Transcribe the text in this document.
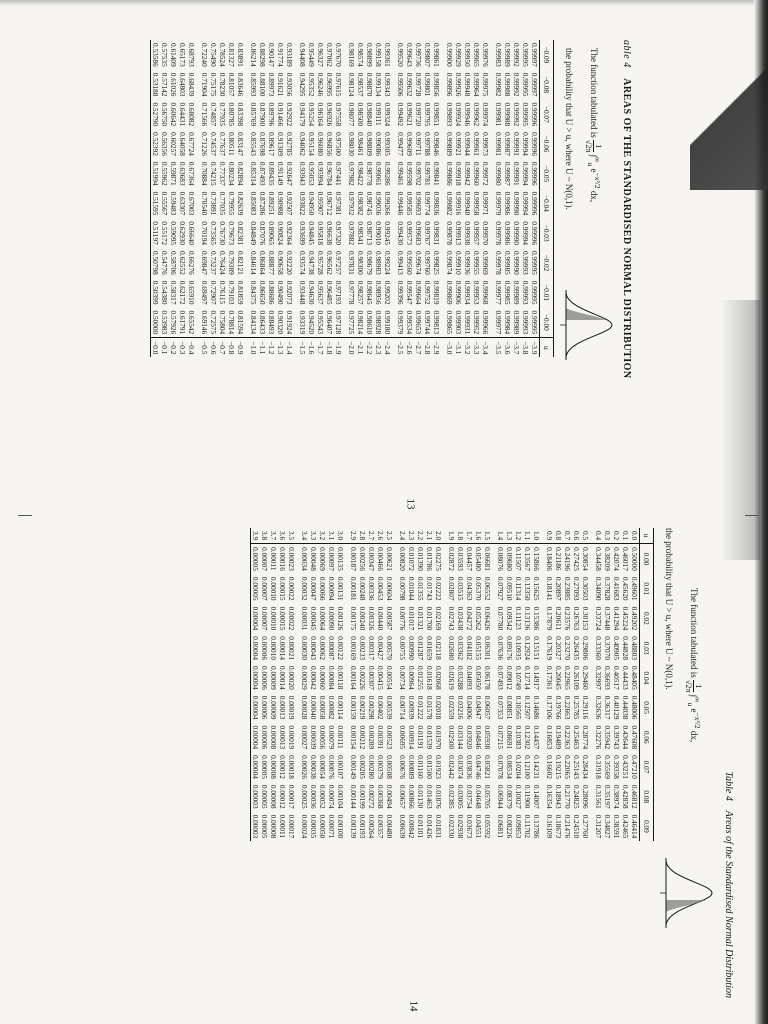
able 4 AREAS OF THE STANDARDISED NORMAL DISTRIBUTION
The function tabulated is
1
√2π
$\int^\infty_u$ $e^{-x^2/2}$ dx,
the probability that U > u, where U ~ N(0,1).
−0.09	−0.08	−0.07	−0.06	−0.05	−0.04	−0.03	−0.02	−0.01	−0.00	u
0.99997	0.99997	0.99996	0.99996	0.99996	0.99996	0.99996	0.99995	0.99995	0.99995	−3.9
0.99995	0.99995	0.99995	0.99994	0.99994	0.99994	0.99994	0.99993	0.99993	0.99993	−3.8
0.99992	0.99992	0.99992	0.99991	0.99991	0.99990	0.99990	0.99990	0.99989	0.99989	−3.7
0.99989	0.99988	0.99988	0.99987	0.99987	0.99986	0.99986	0.99985	0.99985	0.99984	−3.6
0.99983	0.99982	0.99981	0.99981	0.99980	0.99979	0.99978	0.99978	0.99977	0.99977	−3.5
0.99976	0.99975	0.99974	0.99973	0.99972	0.99971	0.99970	0.99969	0.99968	0.99966	−3.4
0.99965	0.99964	0.99962	0.99961	0.99960	0.99958	0.99957	0.99955	0.99953	0.99952	−3.3
0.99950	0.99948	0.99946	0.99944	0.99942	0.99940	0.99938	0.99936	0.99934	0.99931	−3.2
0.99929	0.99926	0.99924	0.99921	0.99918	0.99916	0.99913	0.99910	0.99906	0.99903	−3.1
0.99900	0.99896	0.99893	0.99889	0.99886	0.99882	0.99878	0.99874	0.99869	0.99865	−3.0
0.99861	0.99856	0.99851	0.99846	0.99841	0.99836	0.99831	0.99825	0.99819	0.99813	−2.9
0.99807	0.99801	0.99795	0.99788	0.99781	0.99774	0.99767	0.99760	0.99752	0.99744	−2.8
0.99736	0.99728	0.99720	0.99711	0.99702	0.99693	0.99683	0.99674	0.99664	0.99653	−2.7
0.99643	0.99632	0.99621	0.99609	0.99598	0.99585	0.99573	0.99560	0.99547	0.99534	−2.6
0.99520	0.99506	0.99492	0.99477	0.99461	0.99446	0.99430	0.99413	0.99396	0.99379	−2.5
0.99361	0.99343	0.99324	0.99305	0.99286	0.99266	0.99245	0.99224	0.99202	0.99180	−2.4
0.99158	0.99134	0.99111	0.99086	0.99061	0.99036	0.99010	0.98983	0.98956	0.98928	−2.3
0.98899	0.98870	0.98840	0.98809	0.98778	0.98745	0.98713	0.98679	0.98645	0.98610	−2.2
0.98574	0.98537	0.98500	0.98461	0.98422	0.98382	0.98341	0.98300	0.98257	0.98214	−2.1
0.98169	0.98124	0.98077	0.98030	0.97982	0.97932	0.97882	0.97831	0.97778	0.97725	−2.0
0.97670	0.97615	0.97558	0.97500	0.97441	0.97381	0.97320	0.97257	0.97193	0.97128	−1.9
0.97062	0.96995	0.96926	0.96856	0.96784	0.96712	0.96638	0.96562	0.96485	0.96407	−1.8
0.96327	0.96246	0.96164	0.96080	0.95994	0.95907	0.95818	0.95728	0.95637	0.95543	−1.7
0.95449	0.95352	0.95254	0.95154	0.95053	0.94950	0.94845	0.94738	0.94630	0.94520	−1.6
0.94408	0.94295	0.94179	0.94062	0.93943	0.93822	0.93699	0.93574	0.93448	0.93319	−1.5
0.93189	0.93056	0.92922	0.92785	0.92647	0.92507	0.92364	0.92220	0.92073	0.91924	−1.4
0.91774	0.91621	0.91466	0.91309	0.91149	0.90988	0.90824	0.90658	0.90490	0.90320	−1.3
0.90147	0.89973	0.89796	0.89617	0.89435	0.89251	0.89065	0.88877	0.88686	0.88493	−1.2
0.88298	0.88100	0.87900	0.87698	0.87493	0.87286	0.87076	0.86864	0.86650	0.86433	−1.1
0.86214	0.85993	0.85769	0.85543	0.85314	0.85083	0.84849	0.84614	0.84375	0.84134	−1.0
0.83891	0.83646	0.83398	0.83147	0.82894	0.82639	0.82381	0.82121	0.81859	0.81594	−0.9
0.81327	0.81057	0.80785	0.80511	0.80234	0.79955	0.79673	0.79389	0.79103	0.78814	−0.8
0.78524	0.78230	0.77935	0.77637	0.77337	0.77035	0.76730	0.76424	0.76115	0.75804	−0.7
0.75490	0.75175	0.74857	0.74537	0.74215	0.73891	0.73565	0.73237	0.72907	0.72575	−0.6
0.72240	0.71904	0.71566	0.71226	0.70884	0.70540	0.70194	0.69847	0.69497	0.69146	−0.5
0.68793	0.68439	0.68082	0.67724	0.67364	0.67003	0.66640	0.66276	0.65910	0.65542	−0.4
0.65173	0.64803	0.64431	0.64058	0.63683	0.63307	0.62930	0.62552	0.62172	0.61791	−0.3
0.61409	0.61026	0.60642	0.60257	0.59871	0.59483	0.59095	0.58706	0.58317	0.57926	−0.2
0.57535	0.57142	0.56750	0.56356	0.55962	0.55567	0.55172	0.54776	0.54380	0.53983	−0.1
0.53586	0.53188	0.52790	0.52392	0.51994	0.51595	0.51197	0.50798	0.50399	0.50000	−0.0
Table 4    Areas of the Standardised Normal Distribution
The function tabulated is
1
√2π
$\int^\infty_u$ $e^{-x^2/2}$ dx,
the probability that U > u, where U ~ N(0,1).
u	0.00	0.01	0.02	0.03	0.04	0.05	0.06	0.07	0.08	0.09
0.0	0.50000	0.49601	0.49202	0.48803	0.48405	0.48006	0.47608	0.47210	0.46812	0.46414
0.1	0.46017	0.45620	0.45224	0.44828	0.44433	0.44038	0.43644	0.43251	0.42858	0.42465
0.2	0.42074	0.41683	0.41294	0.40905	0.40517	0.40129	0.39743	0.39358	0.38974	0.38591
0.3	0.38209	0.37828	0.37448	0.37070	0.36693	0.36317	0.35942	0.35569	0.35197	0.34827
0.4	0.34458	0.34090	0.33724	0.33360	0.32997	0.32636	0.32276	0.31918	0.31561	0.31207
0.5	0.30854	0.30503	0.30153	0.29806	0.29460	0.29116	0.28774	0.28434	0.28096	0.27760
0.6	0.27425	0.27093	0.26763	0.26435	0.26109	0.25785	0.25463	0.25143	0.24825	0.24510
0.7	0.24196	0.23885	0.23576	0.23270	0.22965	0.22663	0.22363	0.22065	0.21770	0.21476
0.8	0.21186	0.20897	0.20611	0.20327	0.20045	0.19766	0.19489	0.19215	0.18943	0.18673
0.9	0.18406	0.18141	0.17879	0.17619	0.17361	0.17106	0.16853	0.16602	0.16354	0.16109
1.0	0.15866	0.15625	0.15386	0.15151	0.14917	0.14686	0.14457	0.14231	0.14007	0.13786
1.1	0.13567	0.13350	0.13136	0.12924	0.12714	0.12507	0.12302	0.12100	0.11900	0.11702
1.2	0.11507	0.11314	0.11123	0.10935	0.10749	0.10565	0.10383	0.10204	0.10027	0.09853
1.3	0.09680	0.09510	0.09342	0.09176	0.09012	0.08851	0.08691	0.08534	0.08379	0.08226
1.4	0.08076	0.07927	0.07780	0.07636	0.07493	0.07353	0.07215	0.07078	0.06944	0.06811
1.5	0.06681	0.06552	0.06426	0.06301	0.06178	0.06057	0.05938	0.05821	0.05705	0.05592
1.6	0.05480	0.05370	0.05262	0.05155	0.05050	0.04947	0.04846	0.04746	0.04648	0.04551
1.7	0.04457	0.04363	0.04272	0.04182	0.04093	0.04006	0.03920	0.03836	0.03754	0.03673
1.8	0.03593	0.03515	0.03438	0.03362	0.03288	0.03216	0.03144	0.03074	0.03005	0.02938
1.9	0.02872	0.02807	0.02743	0.02680	0.02619	0.02559	0.02500	0.02442	0.02385	0.02330
2.0	0.02275	0.02222	0.02169	0.02118	0.02068	0.02018	0.01970	0.01923	0.01876	0.01831
2.1	0.01786	0.01743	0.01700	0.01659	0.01618	0.01578	0.01539	0.01500	0.01463	0.01426
2.2	0.01390	0.01355	0.01321	0.01287	0.01255	0.01222	0.01191	0.01160	0.01130	0.01101
2.3	0.01072	0.01044	0.01017	0.00990	0.00964	0.00939	0.00914	0.00889	0.00866	0.00842
2.4	0.00820	0.00798	0.00776	0.00755	0.00734	0.00714	0.00695	0.00676	0.00657	0.00639
2.5	0.00621	0.00604	0.00587	0.00570	0.00554	0.00539	0.00523	0.00508	0.00494	0.00480
2.6	0.00466	0.00453	0.00440	0.00427	0.00415	0.00402	0.00391	0.00379	0.00368	0.00357
2.7	0.00347	0.00336	0.00326	0.00317	0.00307	0.00298	0.00289	0.00280	0.00272	0.00264
2.8	0.00256	0.00248	0.00240	0.00233	0.00226	0.00219	0.00212	0.00205	0.00199	0.00193
2.9	0.00187	0.00181	0.00175	0.00169	0.00164	0.00159	0.00154	0.00149	0.00144	0.00139
3.0	0.00135	0.00131	0.00126	0.00122	0.00118	0.00114	0.00111	0.00107	0.00104	0.00100
3.1	0.00097	0.00094	0.00090	0.00087	0.00084	0.00082	0.00079	0.00076	0.00074	0.00071
3.2	0.00069	0.00066	0.00064	0.00062	0.00060	0.00058	0.00056	0.00054	0.00052	0.00050
3.3	0.00048	0.00047	0.00045	0.00043	0.00042	0.00040	0.00039	0.00038	0.00036	0.00035
3.4	0.00034	0.00032	0.00031	0.00030	0.00029	0.00028	0.00027	0.00026	0.00025	0.00024
3.5	0.00023	0.00022	0.00022	0.00021	0.00020	0.00019	0.00019	0.00018	0.00017	0.00017
3.6	0.00016	0.00015	0.00015	0.00014	0.00014	0.00013	0.00013	0.00012	0.00012	0.00011
3.7	0.00011	0.00010	0.00010	0.00010	0.00009	0.00009	0.00008	0.00008	0.00008	0.00008
3.8	0.00007	0.00007	0.00007	0.00006	0.00006	0.00006	0.00006	0.00005	0.00005	0.00005
3.9	0.00005	0.00005	0.00004	0.00004	0.00004	0.00004	0.00004	0.00004	0.00003	0.00003
13
14
